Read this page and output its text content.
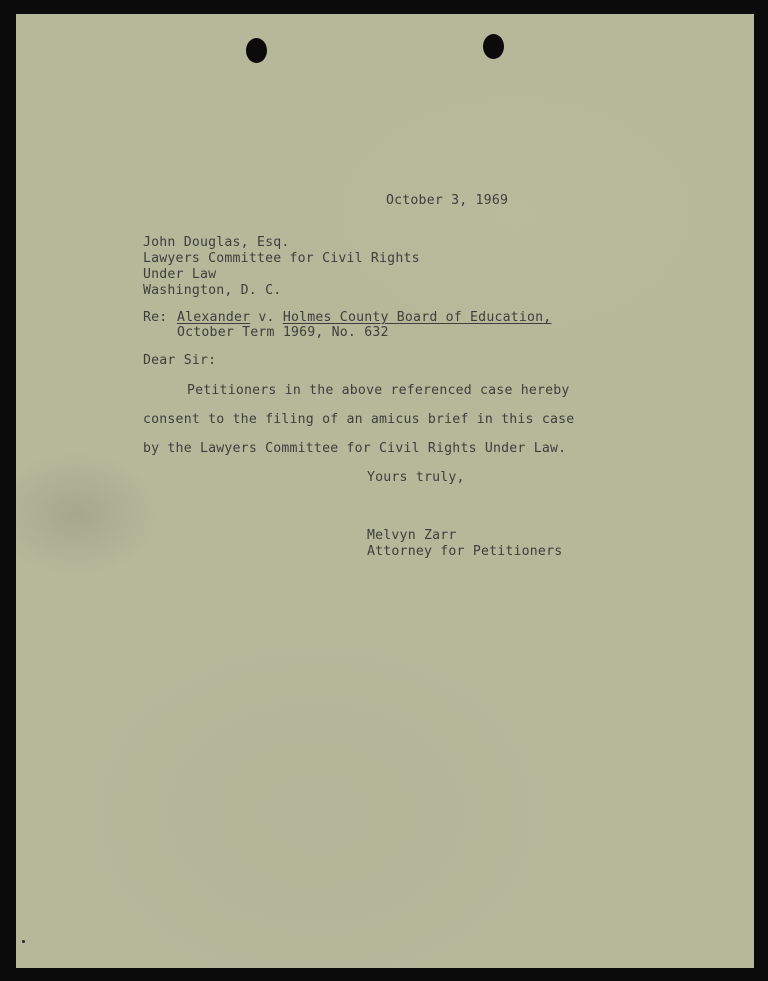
October 3, 1969
John Douglas, Esq.
Lawyers Committee for Civil Rights
Under Law
Washington, D. C.
Re: Alexander v. Holmes County Board of Education,
October Term 1969, No. 632
Dear Sir:
Petitioners in the above referenced case hereby
consent to the filing of an amicus brief in this case
by the Lawyers Committee for Civil Rights Under Law.
Yours truly,
Melvyn Zarr
Attorney for Petitioners
